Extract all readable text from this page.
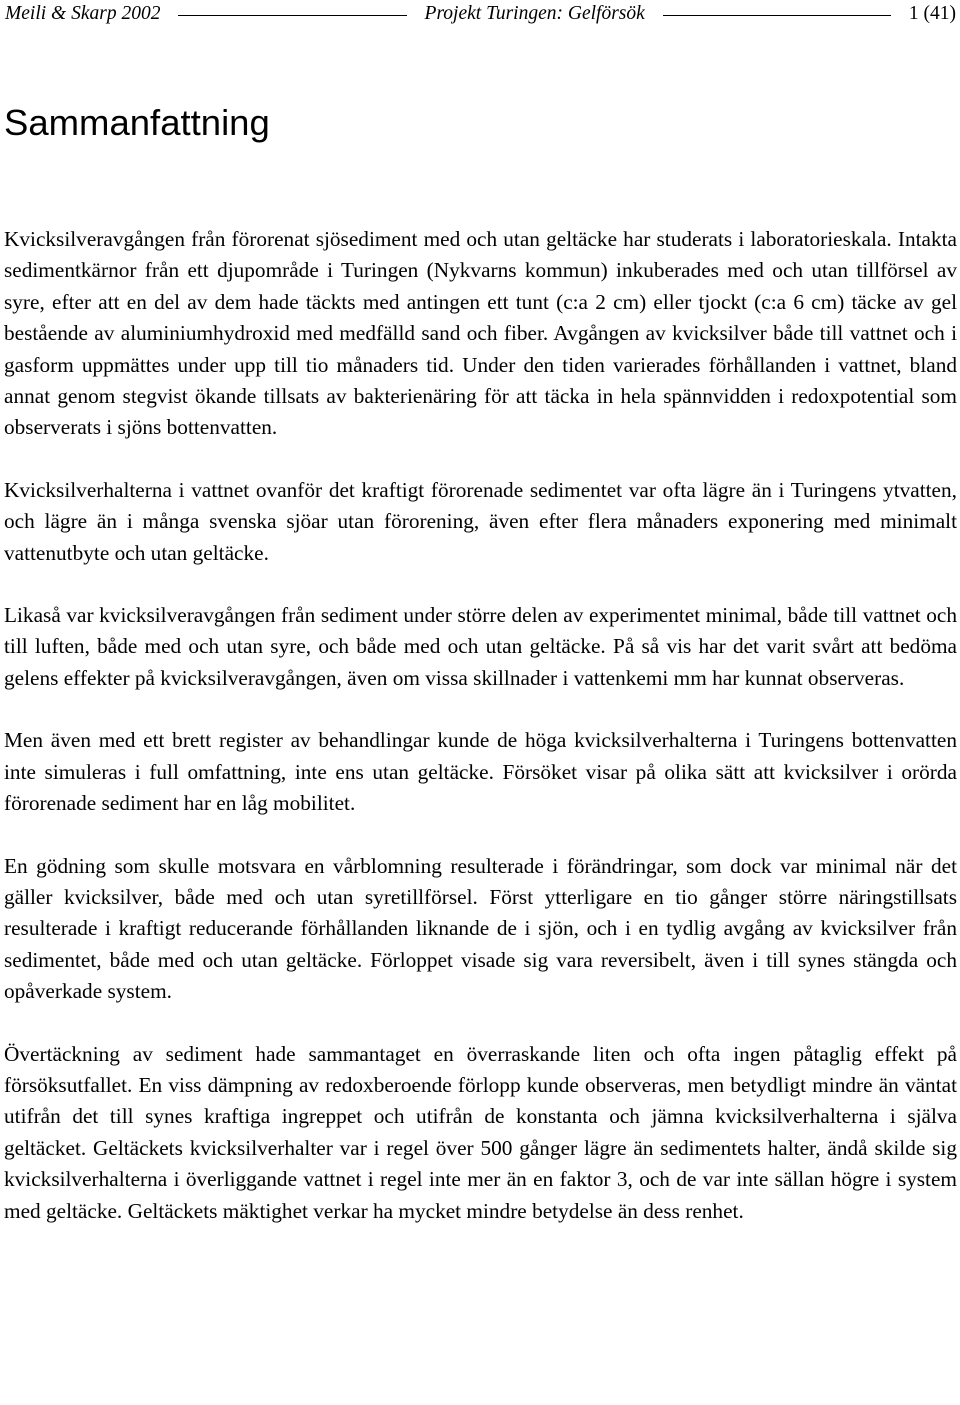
Meili & Skarp 2002	Projekt Turingen: Gelförsök	1 (41)
Sammanfattning

Kvicksilveravgången från förorenat sjösediment med och utan geltäcke har studerats i laboratorieskala. Intakta sedimentkärnor från ett djupområde i Turingen (Nykvarns kommun) inkuberades med och utan tillförsel av syre, efter att en del av dem hade täckts med antingen ett tunt (c:a 2 cm) eller tjockt (c:a 6 cm) täcke av gel bestående av aluminiumhydroxid med medfälld sand och fiber. Avgången av kvicksilver både till vattnet och i gasform uppmättes under upp till tio månaders tid. Under den tiden varierades förhållanden i vattnet, bland annat genom stegvist ökande tillsats av bakterienäring för att täcka in hela spännvidden i redoxpotential som observerats i sjöns bottenvatten.

Kvicksilverhalterna i vattnet ovanför det kraftigt förorenade sedimentet var ofta lägre än i Turingens ytvatten, och lägre än i många svenska sjöar utan förorening, även efter flera månaders exponering med minimalt vattenutbyte och utan geltäcke.

Likaså var kvicksilveravgången från sediment under större delen av experimentet minimal, både till vattnet och till luften, både med och utan syre, och både med och utan geltäcke. På så vis har det varit svårt att bedöma gelens effekter på kvicksilveravgången, även om vissa skillnader i vattenkemi mm har kunnat observeras.

Men även med ett brett register av behandlingar kunde de höga kvicksilverhalterna i Turingens bottenvatten inte simuleras i full omfattning, inte ens utan geltäcke. Försöket visar på olika sätt att kvicksilver i orörda förorenade sediment har en låg mobilitet.

En gödning som skulle motsvara en vårblomning resulterade i förändringar, som dock var minimal när det gäller kvicksilver, både med och utan syretillförsel. Först ytterligare en tio gånger större näringstillsats resulterade i kraftigt reducerande förhållanden liknande de i sjön, och i en tydlig avgång av kvicksilver från sedimentet, både med och utan geltäcke. Förloppet visade sig vara reversibelt, även i till synes stängda och opåverkade system.

Övertäckning av sediment hade sammantaget en överraskande liten och ofta ingen påtaglig effekt på försöksutfallet. En viss dämpning av redoxberoende förlopp kunde observeras, men betydligt mindre än väntat utifrån det till synes kraftiga ingreppet och utifrån de konstanta och jämna kvicksilverhalterna i själva geltäcket. Geltäckets kvicksilverhalter var i regel över 500 gånger lägre än sedimentets halter, ändå skilde sig kvicksilverhalterna i överliggande vattnet i regel inte mer än en faktor 3, och de var inte sällan högre i system med geltäcke. Geltäckets mäktighet verkar ha mycket mindre betydelse än dess renhet.
